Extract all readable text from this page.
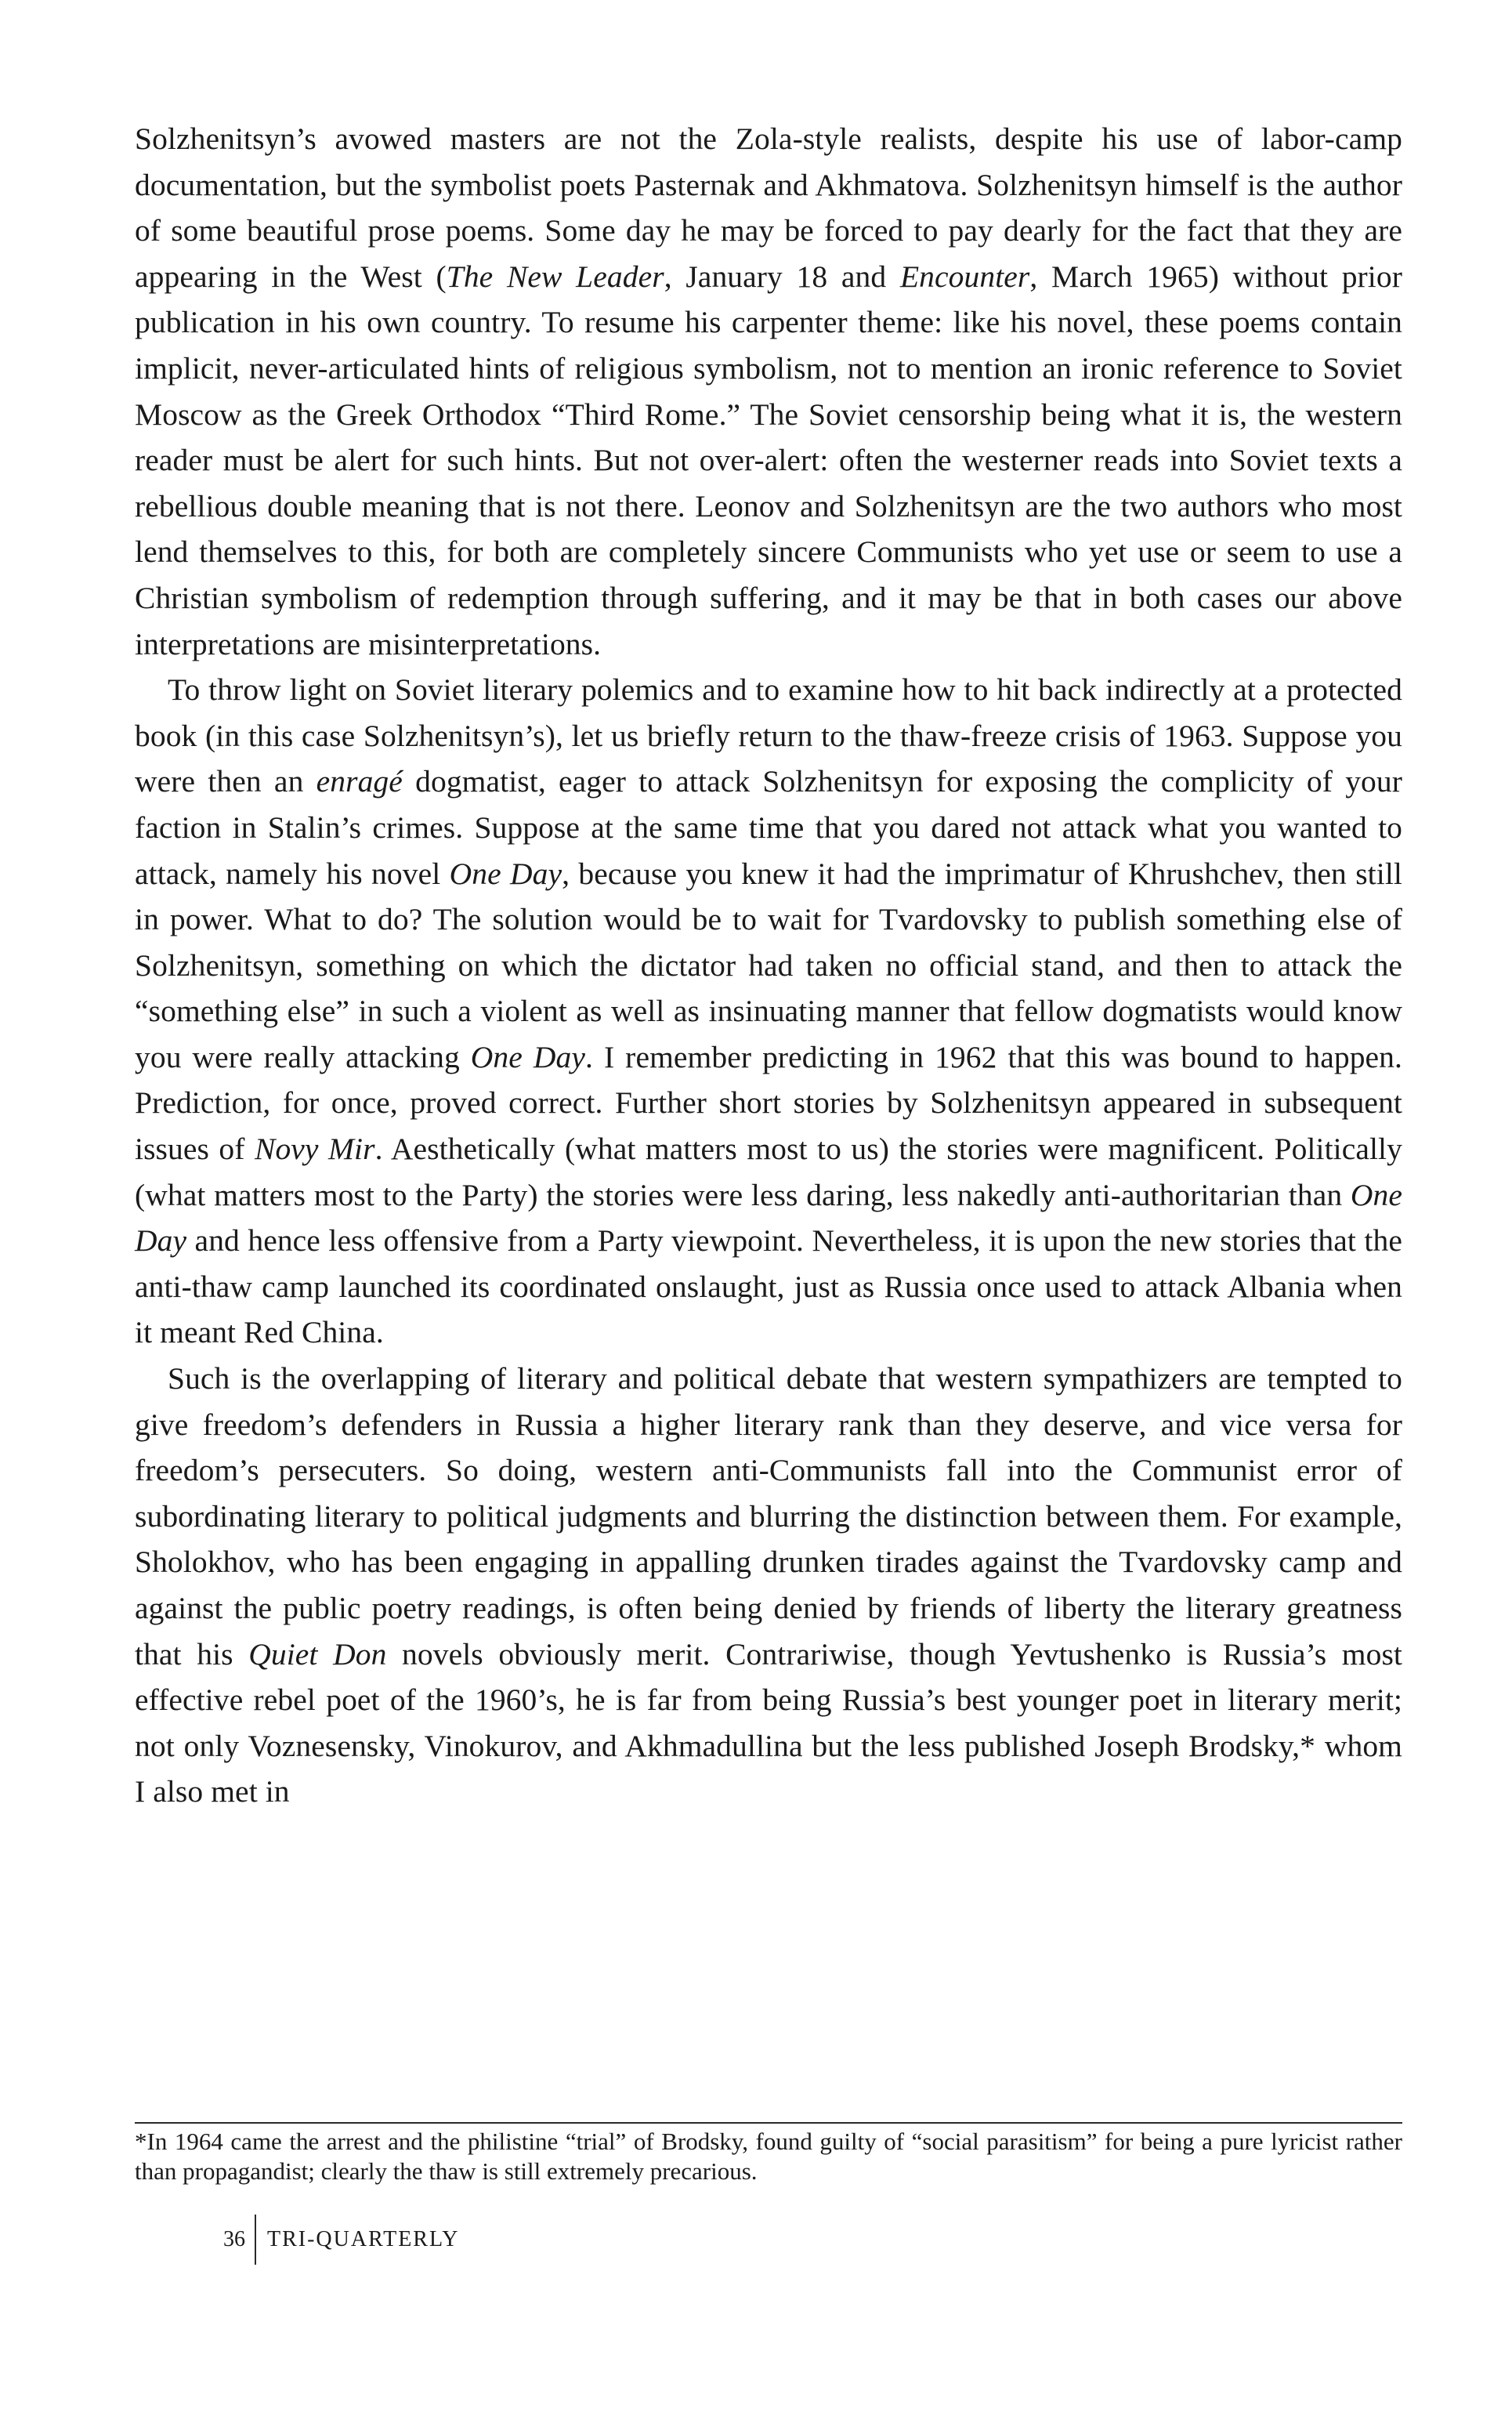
Solzhenitsyn’s avowed masters are not the Zola-style realists, despite his use of labor-camp documentation, but the symbolist poets Pasternak and Akhmatova. Solzhenitsyn himself is the author of some beautiful prose poems. Some day he may be forced to pay dearly for the fact that they are appearing in the West (The New Leader, January 18 and Encounter, March 1965) without prior publication in his own country. To resume his carpenter theme: like his novel, these poems contain implicit, never-articulated hints of religious symbolism, not to mention an ironic reference to Soviet Moscow as the Greek Orthodox “Third Rome.” The Soviet censorship being what it is, the western reader must be alert for such hints. But not over-alert: often the westerner reads into Soviet texts a rebellious double meaning that is not there. Leonov and Solzhenitsyn are the two authors who most lend themselves to this, for both are completely sincere Communists who yet use or seem to use a Christian symbolism of redemption through suffering, and it may be that in both cases our above interpretations are misinterpretations.

To throw light on Soviet literary polemics and to examine how to hit back indirectly at a protected book (in this case Solzhenitsyn’s), let us briefly return to the thaw-freeze crisis of 1963. Suppose you were then an enragé dogmatist, eager to attack Solzhenitsyn for exposing the complicity of your faction in Stalin’s crimes. Suppose at the same time that you dared not attack what you wanted to attack, namely his novel One Day, because you knew it had the imprimatur of Khrushchev, then still in power. What to do? The solution would be to wait for Tvardovsky to publish something else of Solzhenitsyn, something on which the dictator had taken no official stand, and then to attack the “something else” in such a violent as well as insinuating manner that fellow dogmatists would know you were really attacking One Day. I remember predicting in 1962 that this was bound to happen. Prediction, for once, proved correct. Further short stories by Solzhenitsyn appeared in subsequent issues of Novy Mir. Aesthetically (what matters most to us) the stories were magnificent. Politically (what matters most to the Party) the stories were less daring, less nakedly anti-authoritarian than One Day and hence less offensive from a Party viewpoint. Nevertheless, it is upon the new stories that the anti-thaw camp launched its coordinated onslaught, just as Russia once used to attack Albania when it meant Red China.

Such is the overlapping of literary and political debate that western sympathizers are tempted to give freedom’s defenders in Russia a higher literary rank than they deserve, and vice versa for freedom’s persecuters. So doing, western anti-Communists fall into the Communist error of subordinating literary to political judgments and blurring the distinction between them. For example, Sholokhov, who has been engaging in appalling drunken tirades against the Tvardovsky camp and against the public poetry readings, is often being denied by friends of liberty the literary greatness that his Quiet Don novels obviously merit. Contrariwise, though Yevtushenko is Russia’s most effective rebel poet of the 1960’s, he is far from being Russia’s best younger poet in literary merit; not only Voznesensky, Vinokurov, and Akhmadullina but the less published Joseph Brodsky,* whom I also met in

*In 1964 came the arrest and the philistine “trial” of Brodsky, found guilty of “social parasitism” for being a pure lyricist rather than propagandist; clearly the thaw is still extremely precarious.

36	TRI-QUARTERLY
